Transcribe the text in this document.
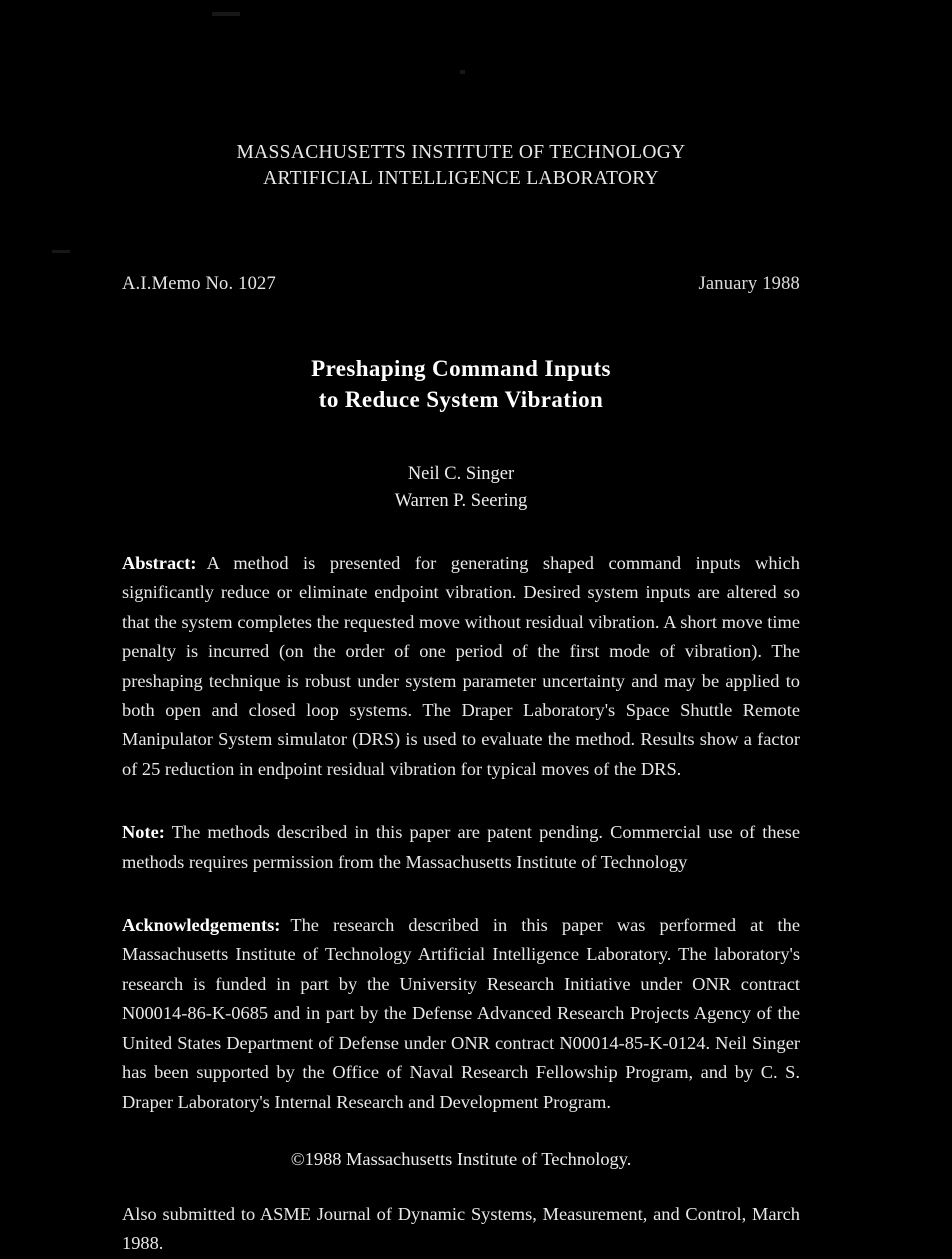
MASSACHUSETTS INSTITUTE OF TECHNOLOGY
ARTIFICIAL INTELLIGENCE LABORATORY
A.I.Memo No. 1027	January 1988
Preshaping Command Inputs
to Reduce System Vibration
Neil C. Singer
Warren P. Seering
Abstract: A method is presented for generating shaped command inputs which significantly reduce or eliminate endpoint vibration. Desired system inputs are altered so that the system completes the requested move without residual vibration. A short move time penalty is incurred (on the order of one period of the first mode of vibration). The preshaping technique is robust under system parameter uncertainty and may be applied to both open and closed loop systems. The Draper Laboratory's Space Shuttle Remote Manipulator System simulator (DRS) is used to evaluate the method. Results show a factor of 25 reduction in endpoint residual vibration for typical moves of the DRS.
Note: The methods described in this paper are patent pending. Commercial use of these methods requires permission from the Massachusetts Institute of Technology
Acknowledgements: The research described in this paper was performed at the Massachusetts Institute of Technology Artificial Intelligence Laboratory. The laboratory's research is funded in part by the University Research Initiative under ONR contract N00014-86-K-0685 and in part by the Defense Advanced Research Projects Agency of the United States Department of Defense under ONR contract N00014-85-K-0124. Neil Singer has been supported by the Office of Naval Research Fellowship Program, and by C. S. Draper Laboratory's Internal Research and Development Program.
©1988 Massachusetts Institute of Technology.
Also submitted to ASME Journal of Dynamic Systems, Measurement, and Control, March 1988.
